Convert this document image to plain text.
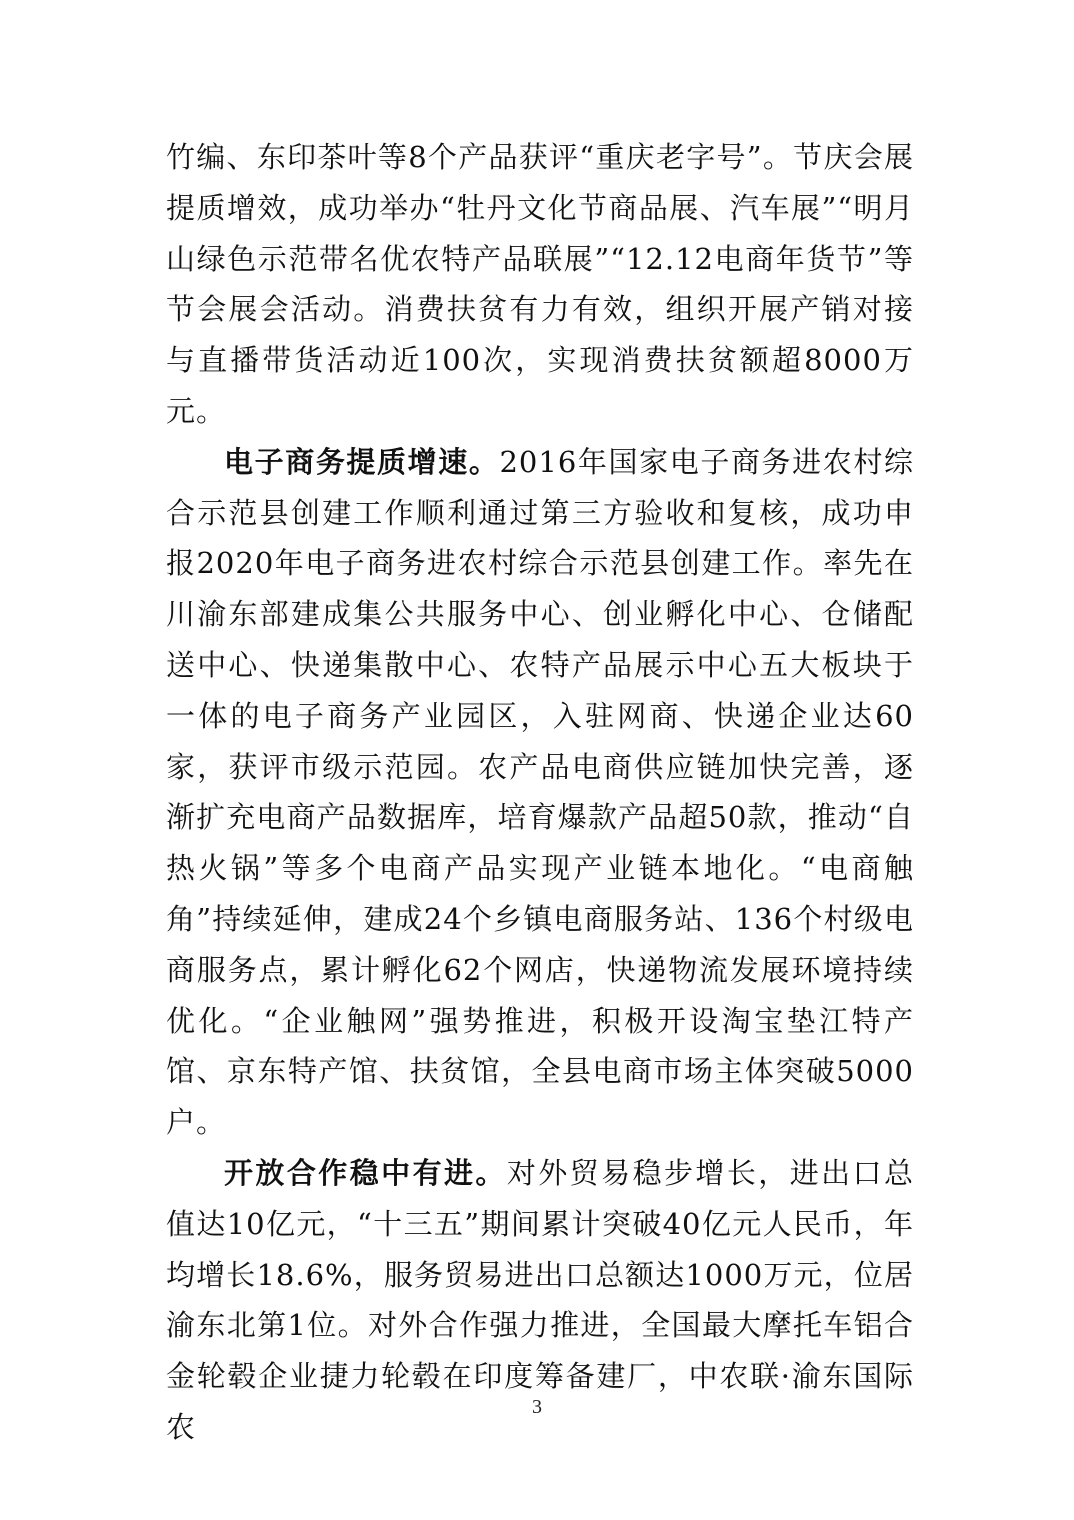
竹编、东印茶叶等8个产品获评“重庆老字号”。节庆会展提质增效，成功举办“牡丹文化节商品展、汽车展”“明月山绿色示范带名优农特产品联展”“12.12电商年货节”等节会展会活动。消费扶贫有力有效，组织开展产销对接与直播带货活动近100次，实现消费扶贫额超8000万元。

电子商务提质增速。2016年国家电子商务进农村综合示范县创建工作顺利通过第三方验收和复核，成功申报2020年电子商务进农村综合示范县创建工作。率先在川渝东部建成集公共服务中心、创业孵化中心、仓储配送中心、快递集散中心、农特产品展示中心五大板块于一体的电子商务产业园区，入驻网商、快递企业达60家，获评市级示范园。农产品电商供应链加快完善，逐渐扩充电商产品数据库，培育爆款产品超50款，推动“自热火锅”等多个电商产品实现产业链本地化。“电商触角”持续延伸，建成24个乡镇电商服务站、136个村级电商服务点，累计孵化62个网店，快递物流发展环境持续优化。“企业触网”强势推进，积极开设淘宝垫江特产馆、京东特产馆、扶贫馆，全县电商市场主体突破5000户。

开放合作稳中有进。对外贸易稳步增长，进出口总值达10亿元，“十三五”期间累计突破40亿元人民币，年均增长18.6%，服务贸易进出口总额达1000万元，位居渝东北第1位。对外合作强力推进，全国最大摩托车铝合金轮毂企业捷力轮毂在印度筹备建厂，中农联·渝东国际农

3
